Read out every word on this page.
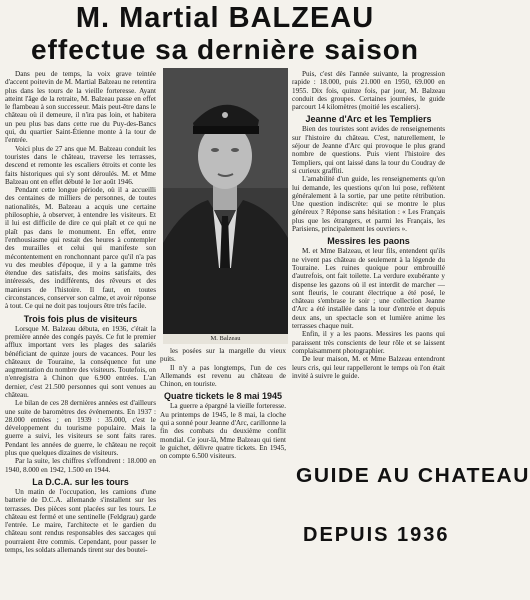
M. Martial BALZEAU
effectue sa dernière saison

Dans peu de temps, la voix grave teintée d'accent poitevin de M. Martial Balzeau ne retentira plus dans les tours de la vieille forteresse. Ayant atteint l'âge de la retraite, M. Balzeau passe en effet le flambeau à son successeur. Mais peut-être dans le château où il demeure, il n'ira pas loin, et habitera un peu plus bas dans cette rue du Puy-des-Bancs qui, du quartier Saint-Étienne monte à la tour de l'entrée.

Voici plus de 27 ans que M. Balzeau conduit les touristes dans le château, traverse les terrasses, descend et remonte les escaliers étroits et conte les faits historiques qui s'y sont déroulés. M. et Mme Balzeau ont en effet débuté le 1er août 1946.

Pendant cette longue période, où il a accueilli des centaines de milliers de personnes, de toutes nationalités, M. Balzeau a acquis une certaine philosophie, à observer, à entendre les visiteurs. Et il lui est difficile de dire ce qui plaît et ce qui ne plaît pas dans le monument. En effet, entre l'enthousiasme qui restait des heures à contempler des murailles et celui qui manifeste son mécontentement en ronchonnant parce qu'il n'a pas vu des meubles d'époque, il y a la gamme très étendue des satisfaits, des moins satisfaits, des intéressés, des indifférents, des rêveurs et des manieurs de l'histoire. Il faut, en toutes circonstances, conserver son calme, et avoir réponse à tout. Ce qui ne doit pas toujours être très facile.

Trois fois plus de visiteurs

Lorsque M. Balzeau débuta, en 1936, c'était la première année des congés payés. Ce fut le premier afflux important vers les plages des salariés bénéficiant de quinze jours de vacances. Pour les châteaux de Touraine, la conséquence fut une augmentation du nombre des visiteurs. Toutefois, on n'enregistra à Chinon que 6.900 entrées. L'an dernier, c'est 21.500 personnes qui sont venues au château.

Le bilan de ces 28 dernières années est d'ailleurs une suite de baromètres des événements. En 1937 : 28.000 entrées ; en 1939 : 35.000, c'est le développement du tourisme populaire. Mais la guerre a suivi, les visiteurs se sont faits rares. Pendant les années de guerre, le château ne reçoit plus que quelques dizaines de visiteurs.

Par la suite, les chiffres s'effondrent : 18.000 en 1940, 8.000 en 1942, 1.500 en 1944.

La D.C.A. sur les tours

Un matin de l'occupation, les camions d'une batterie de D.C.A. allemande s'installent sur les terrasses. Des pièces sont placées sur les tours. Le château est fermé et une sentinelle (Feldgrau) garde l'entrée. Le maire, l'architecte et le gardien du château sont rendus responsables des saccages qui pourraient être commis. Cependant, pour passer le temps, les soldats allemands tirent sur des boutei-

M. Balzeau

les posées sur la margelle du vieux puits.

Il n'y a pas longtemps, l'un de ces Allemands est revenu au château de Chinon, en touriste.

Quatre tickets le 8 mai 1945

La guerre a épargné la vieille forteresse. Au printemps de 1945, le 8 mai, la cloche qui a sonné pour Jeanne d'Arc, carillonne la fin des combats du deuxième conflit mondial. Ce jour-là, Mme Balzeau qui tient le guichet, délivre quatre tickets. En 1945, on compte 6.500 visiteurs.

Puis, c'est dès l'année suivante, la progression rapide : 18.000, puis 21.000 en 1950, 69.000 en 1955. Dix fois, quinze fois, par jour, M. Balzeau conduit des groupes. Certaines journées, le guide parcourt 14 kilomètres (moitié les escaliers).

Jeanne d'Arc et les Templiers

Bien des touristes sont avides de renseignements sur l'histoire du château. C'est, naturellement, le séjour de Jeanne d'Arc qui provoque le plus grand nombre de questions. Puis vient l'histoire des Templiers, qui ont laissé dans la tour du Coudray de si curieux graffiti.

L'amabilité d'un guide, les renseignements qu'on lui demande, les questions qu'on lui pose, reflètent généralement à la sortie, par une petite rétribution. Une question indiscrète: qui se montre le plus généreux ? Réponse sans hésitation : « Les Français plus que les étrangers, et parmi les Français, les Parisiens, principalement les ouvriers ».

Messires les paons

M. et Mme Balzeau, et leur fils, entendent qu'ils ne vivent pas château de seulement à la légende du Touraine. Les ruines quoique pour embrouillé d'autrefois, ont fait toilette. La verdure exubérante y dispense les gazons où il est interdit de marcher — sont fleuris, le courant électrique a été posé, le château s'embrase le soir ; une collection Jeanne d'Arc a été installée dans la tour d'entrée et depuis deux ans, un spectacle son et lumière anime les terrasses chaque nuit.

Enfin, il y a les paons. Messires les paons qui paraissent très conscients de leur rôle et se laissent complaisamment photographier.

De leur maison, M. et Mme Balzeau entendront leurs cris, qui leur rappelleront le temps où l'on était invité à suivre le guide.

GUIDE AU CHATEAU
DEPUIS 1936
